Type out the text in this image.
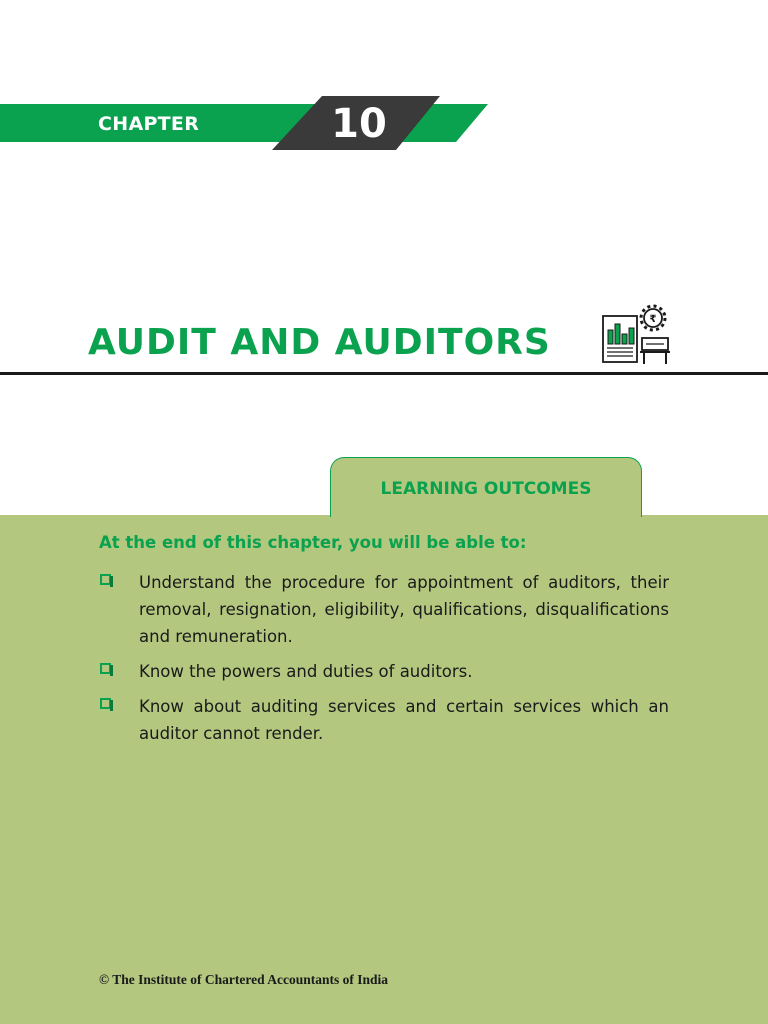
CHAPTER	10
AUDIT AND AUDITORS
₹
LEARNING OUTCOMES
At the end of this chapter, you will be able to:
Understand the procedure for appointment of auditors, their removal, resignation, eligibility, qualifications, disqualifications and remuneration.
Know the powers and duties of auditors.
Know about auditing services and certain services which an auditor cannot render.
© The Institute of Chartered Accountants of India
